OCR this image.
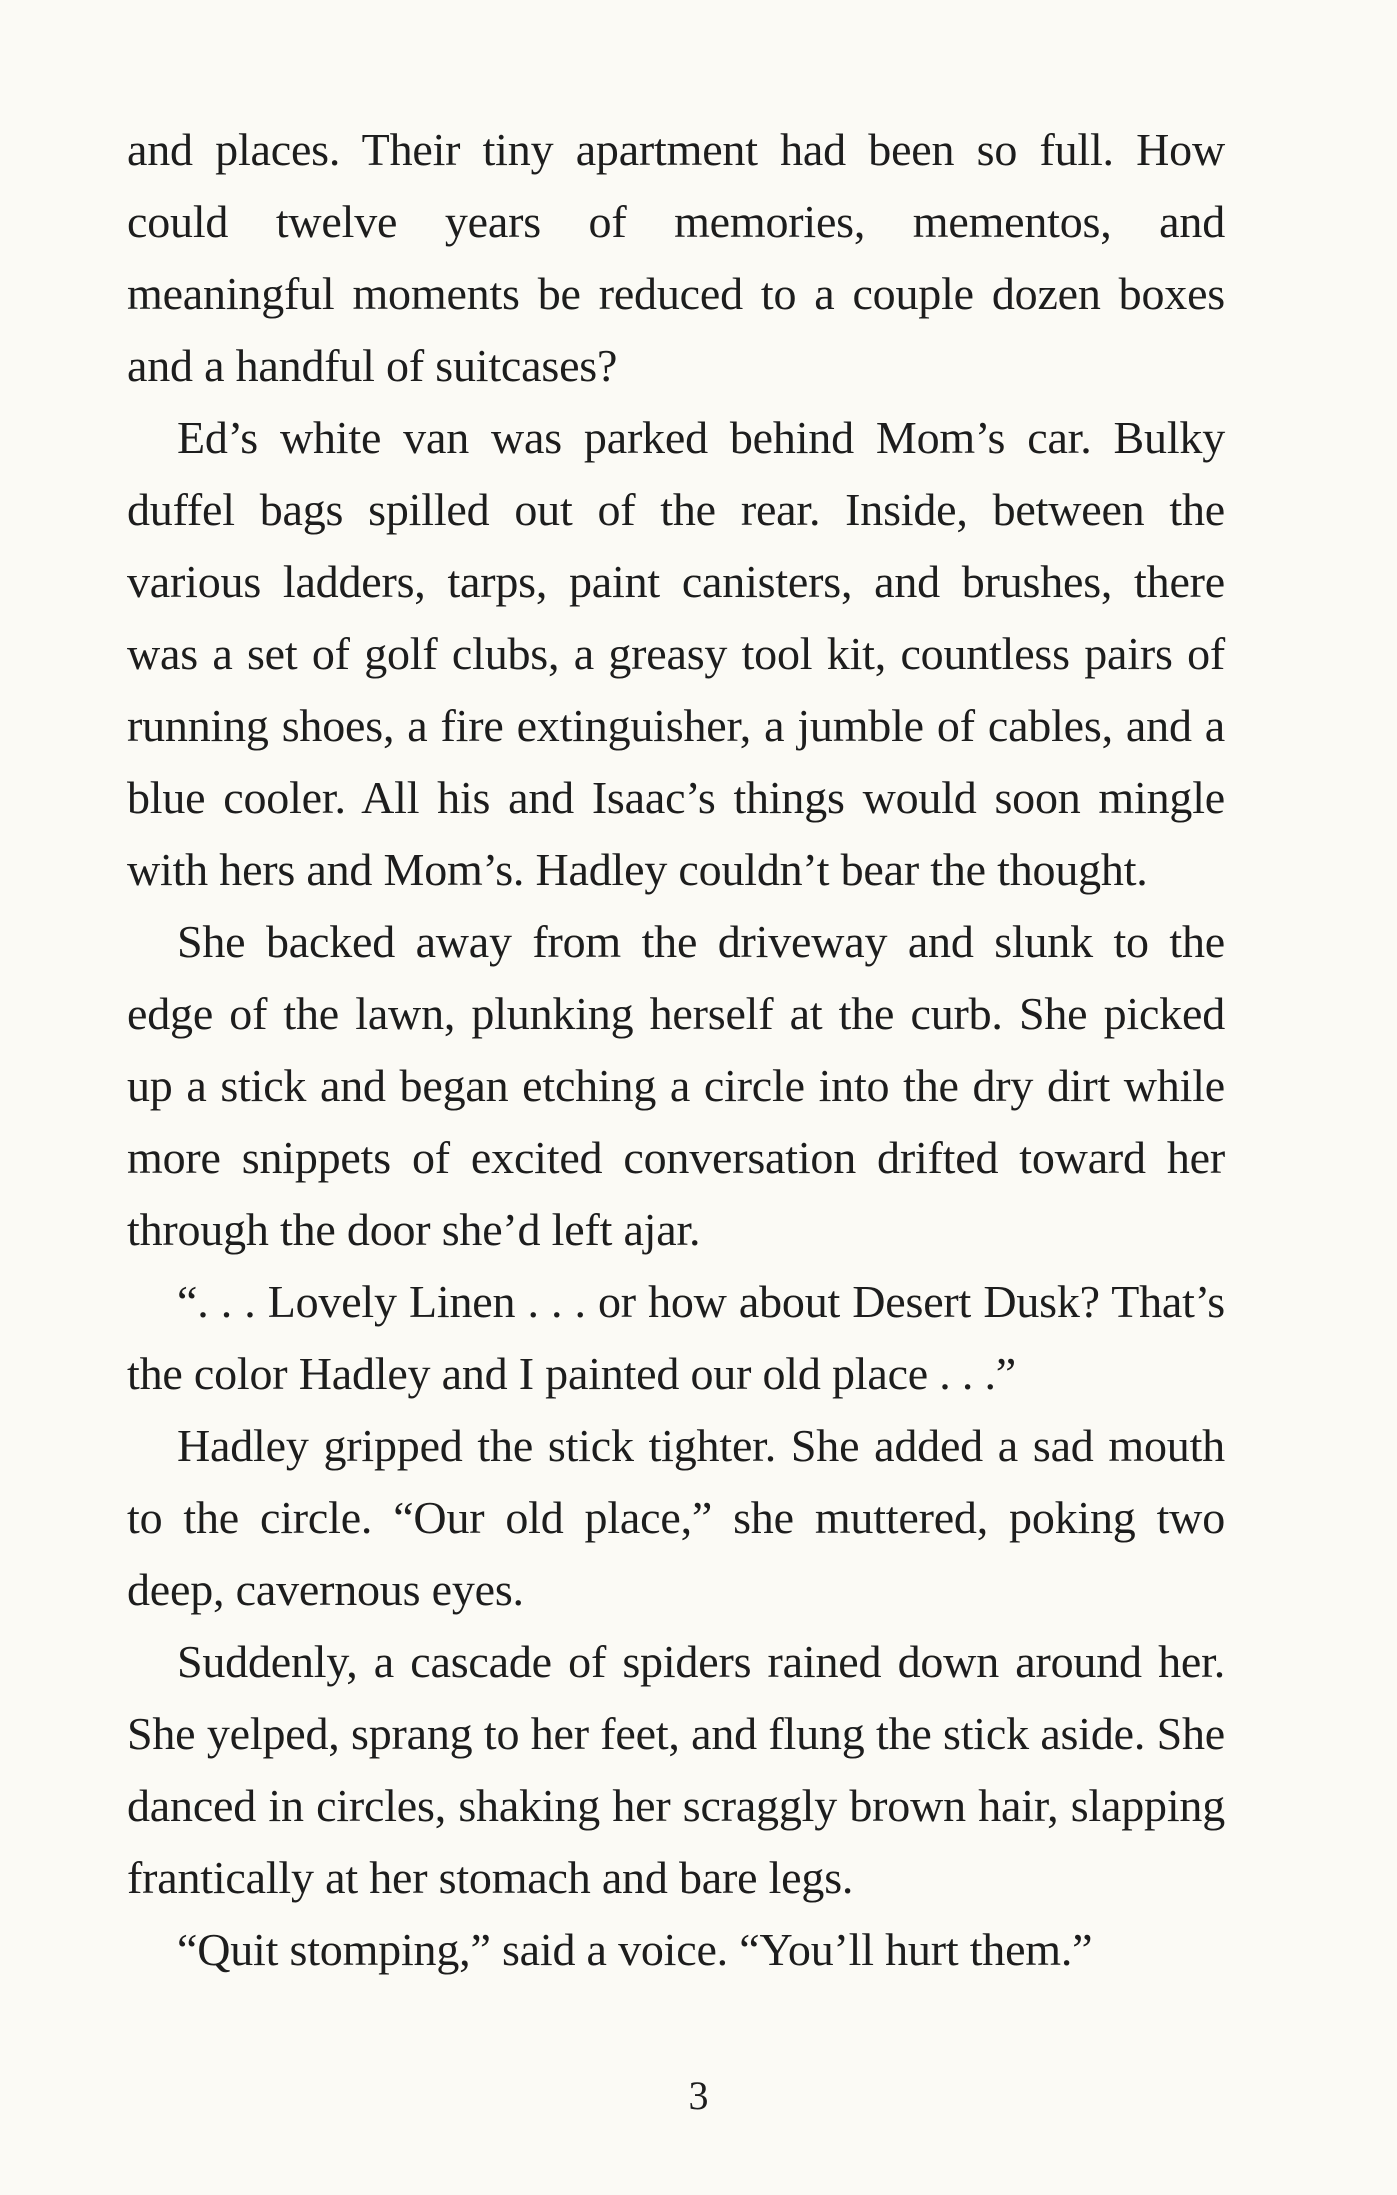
and places. Their tiny apartment had been so full. How could twelve years of memories, mementos, and meaningful moments be reduced to a couple dozen boxes and a handful of suitcases?

Ed’s white van was parked behind Mom’s car. Bulky duffel bags spilled out of the rear. Inside, between the various ladders, tarps, paint canisters, and brushes, there was a set of golf clubs, a greasy tool kit, countless pairs of running shoes, a fire extinguisher, a jumble of cables, and a blue cooler. All his and Isaac’s things would soon mingle with hers and Mom’s. Hadley couldn’t bear the thought.

She backed away from the driveway and slunk to the edge of the lawn, plunking herself at the curb. She picked up a stick and began etching a circle into the dry dirt while more snippets of excited conversation drifted toward her through the door she’d left ajar.

“. . . Lovely Linen . . . or how about Desert Dusk? That’s the color Hadley and I painted our old place . . .”

Hadley gripped the stick tighter. She added a sad mouth to the circle. “Our old place,” she muttered, poking two deep, cavernous eyes.

Suddenly, a cascade of spiders rained down around her. She yelped, sprang to her feet, and flung the stick aside. She danced in circles, shaking her scraggly brown hair, slapping frantically at her stomach and bare legs.

“Quit stomping,” said a voice. “You’ll hurt them.”

3
